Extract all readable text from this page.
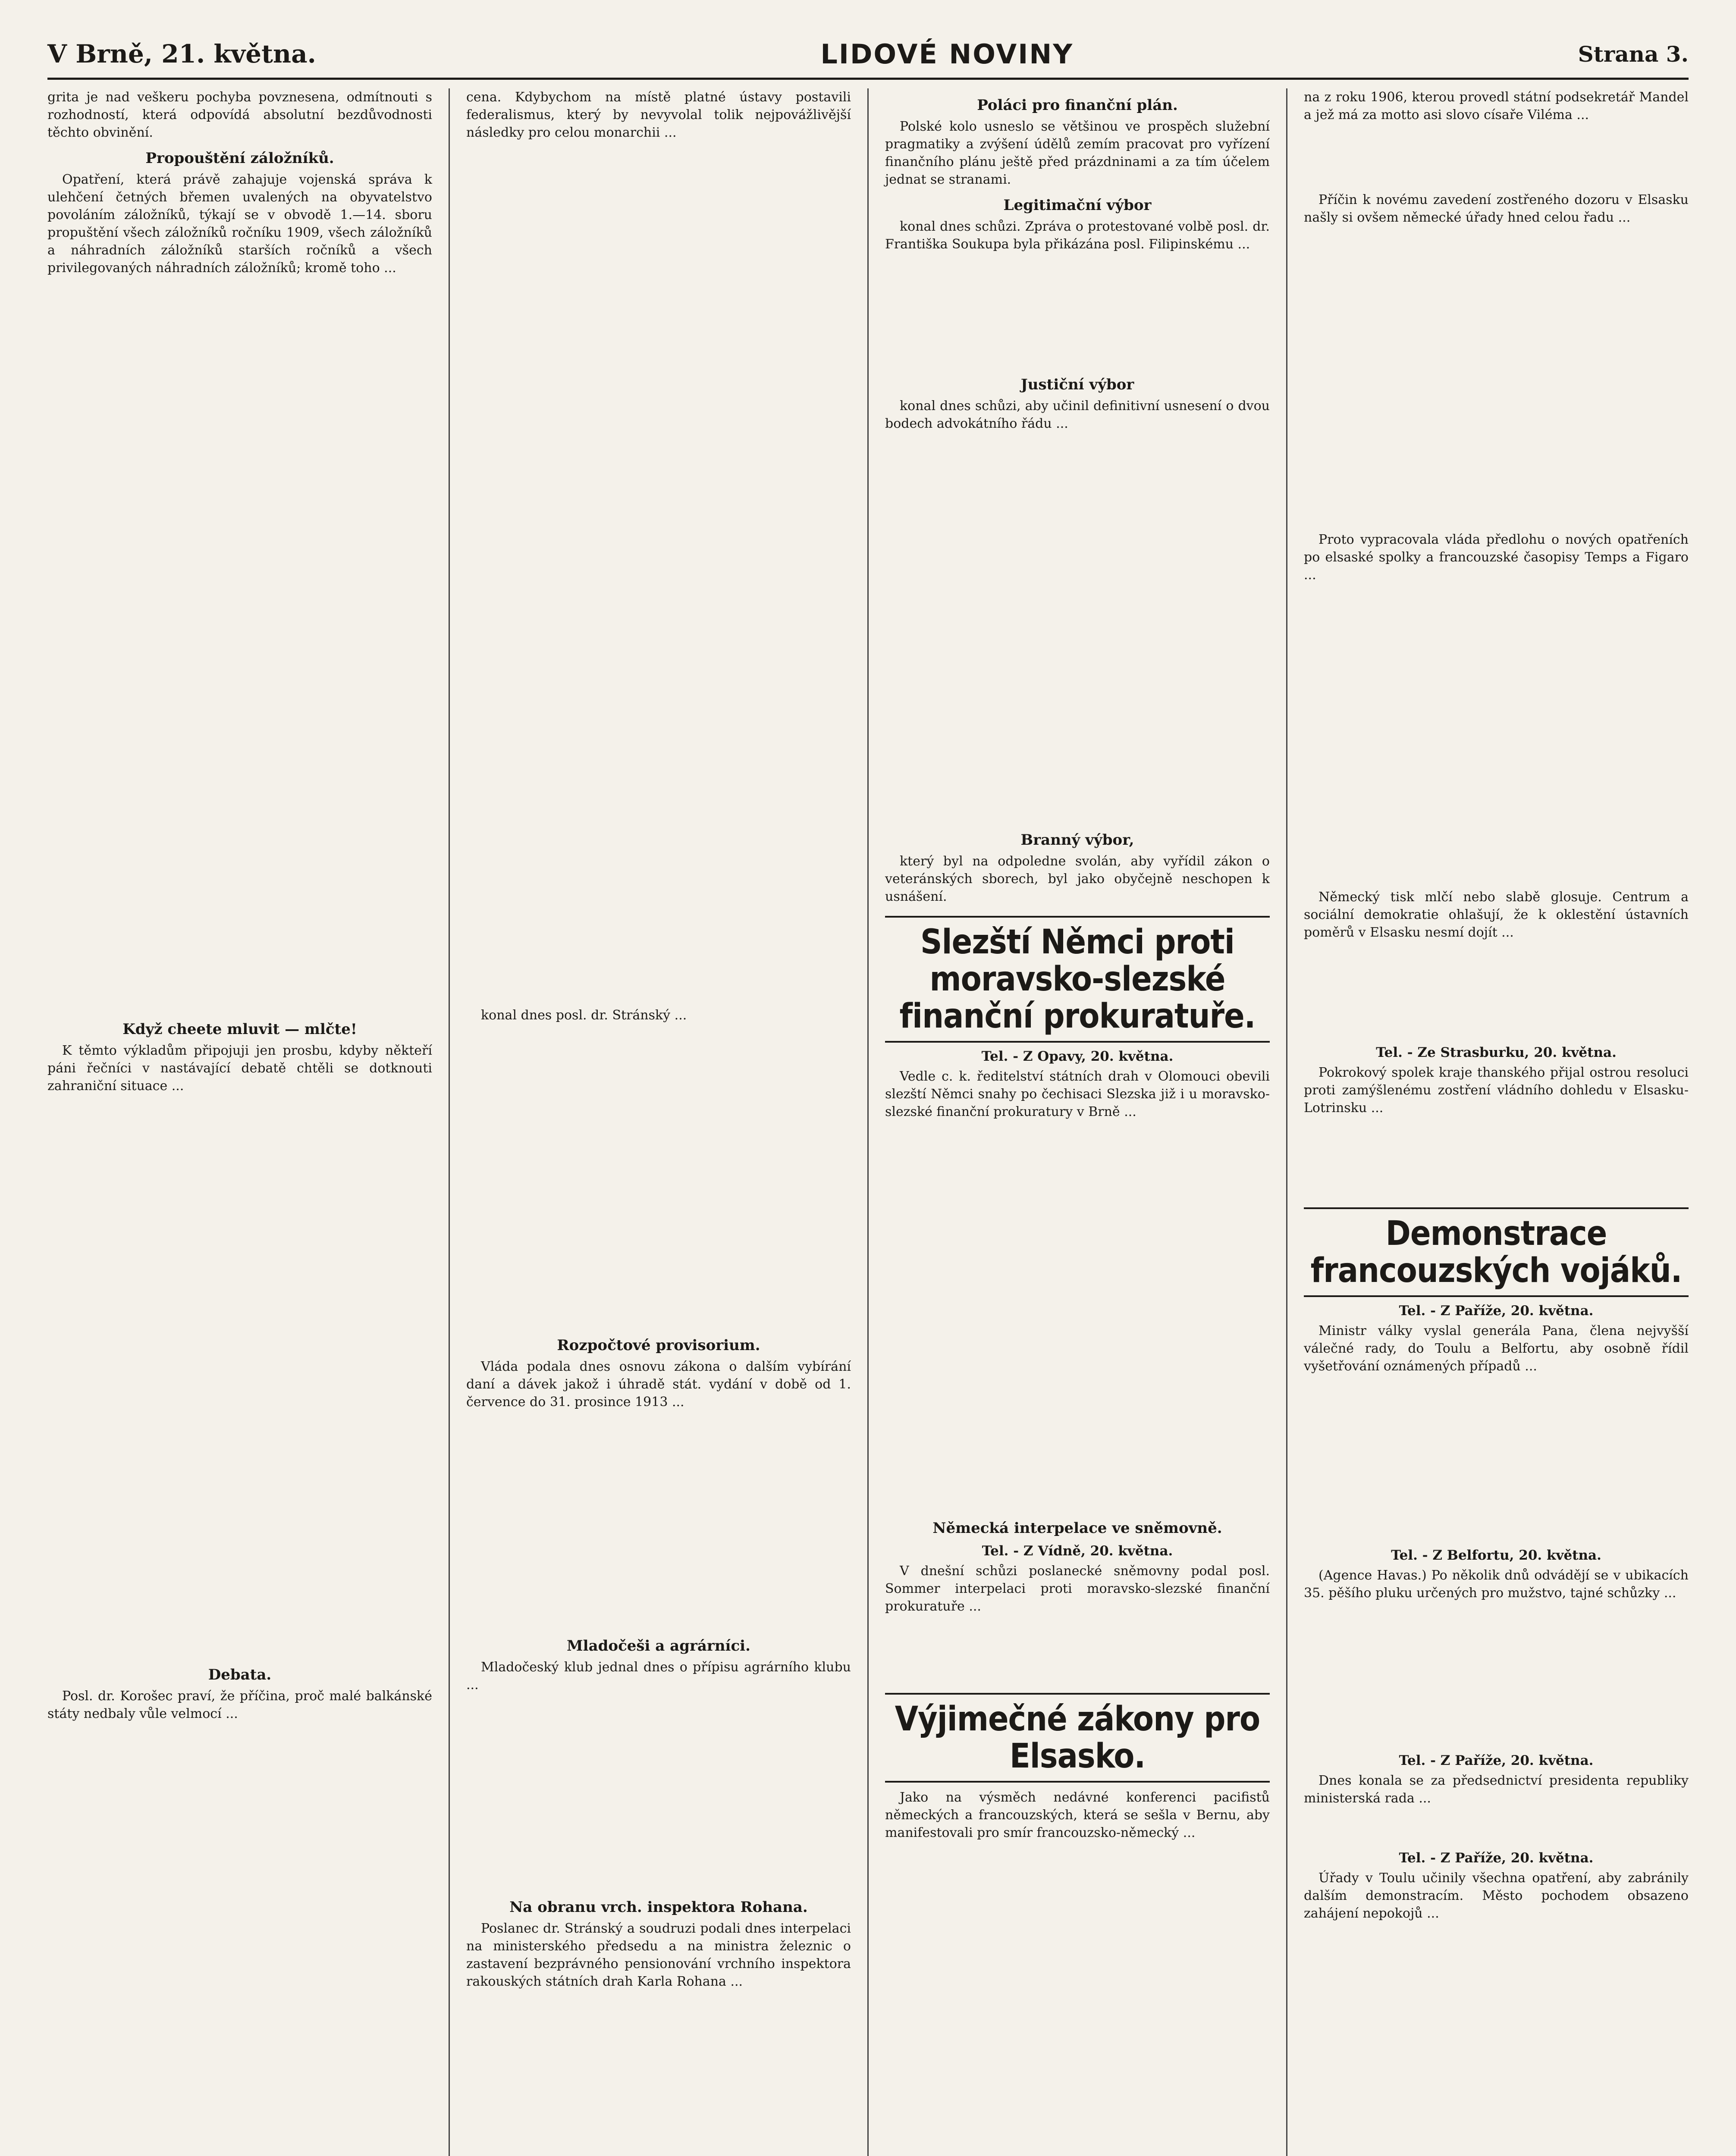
V Brně, 21. května.	LIDOVÉ NOVINY	Strana 3.

grita je nad veškeru pochyba povznesena, odmítnouti s rozhodností, která odpovídá absolutní bezdůvodnosti těchto obvinění.

Propouštění záložníků.

Opatření, která právě zahajuje vojenská správa k ulehčení četných břemen uvalených na obyvatelstvo povoláním záložníků, týkají se v obvodě 1.—14. sboru propuštění všech záložníků ročníku 1909, všech záložníků a náhradních záložníků starších ročníků a všech privilegovaných náhradních záložníků; kromě toho ...

Když cheete mluvit — mlčte!

K těmto výkladům připojuji jen prosbu, kdyby někteří páni řečníci v nastávající debatě chtěli se dotknouti zahraniční situace ...

Debata.

Posl. dr. Korošec praví, že příčina, proč malé balkánské státy nedbaly vůle velmocí ...

cena. Kdybychom na místě platné ústavy postavili federalismus, který by nevyvolal tolik nejpovážlivější následky pro celou monarchii ...

konal dnes posl. dr. Stránský ...

Rozpočtové provisorium.

Vláda podala dnes osnovu zákona o dalším vybírání daní a dávek jakož i úhradě stát. vydání v době od 1. července do 31. prosince 1913 ...

Mladočeši a agrárníci.

Mladočeský klub jednal dnes o přípisu agrárního klubu ...

Na obranu vrch. inspektora Rohana.

Poslanec dr. Stránský a soudruzi podali dnes interpelaci na ministerského předsedu a na ministra železnic o zastavení bezprávného pensionování vrchního inspektora rakouských státních drah Karla Rohana ...

Poláci pro finanční plán.

Polské kolo usneslo se většinou ve prospěch služební pragmatiky a zvýšení údělů zemím pracovat pro vyřízení finančního plánu ještě před prázdninami a za tím účelem jednat se stranami.

Legitimační výbor

konal dnes schůzi. Zpráva o protestované volbě posl. dr. Františka Soukupa byla přikázána posl. Filipinskému ...

Justiční výbor

konal dnes schůzi, aby učinil definitivní usnesení o dvou bodech advokátního řádu ...

Branný výbor,

který byl na odpoledne svolán, aby vyřídil zákon o veteránských sborech, byl jako obyčejně neschopen k usnášení.

Slezští Němci proti moravsko-slezské finanční prokuratuře.
Tel. - Z Opavy, 20. května.

Vedle c. k. ředitelství státních drah v Olomouci obevili slezští Němci snahy po čechisaci Slezska již i u moravsko-slezské finanční prokuratury v Brně ...

Německá interpelace ve sněmovně.
Tel. - Z Vídně, 20. května.

V dnešní schůzi poslanecké sněmovny podal posl. Sommer interpelaci proti moravsko-slezské finanční prokuratuře ...

Výjimečné zákony pro Elsasko.

Jako na výsměch nedávné konferenci pacifistů německých a francouzských, která se sešla v Bernu, aby manifestovali pro smír francouzsko-německý ...

na z roku 1906, kterou provedl státní podsekretář Mandel a jež má za motto asi slovo císaře Viléma ...

Příčin k novému zavedení zostřeného dozoru v Elsasku našly si ovšem německé úřady hned celou řadu ...

Proto vypracovala vláda předlohu o nových opatřeních po elsaské spolky a francouzské časopisy Temps a Figaro ...

Německý tisk mlčí nebo slabě glosuje. Centrum a sociální demokratie ohlašují, že k oklestění ústavních poměrů v Elsasku nesmí dojít ...

Tel. - Ze Strasburku, 20. května.

Pokrokový spolek kraje thanského přijal ostrou resoluci proti zamýšlenému zostření vládního dohledu v Elsasku-Lotrinsku ...

Demonstrace francouzských vojáků.
Tel. - Z Paříže, 20. května.

Ministr války vyslal generála Pana, člena nejvyšší válečné rady, do Toulu a Belfortu, aby osobně řídil vyšetřování oznámených případů ...

Tel. - Z Belfortu, 20. května.

(Agence Havas.) Po několik dnů odvádějí se v ubikacích 35. pěšího pluku určených pro mužstvo, tajné schůzky ...

Tel. - Z Paříže, 20. května.

Dnes konala se za předsednictví presidenta republiky ministerská rada ...

Tel. - Z Paříže, 20. května.

Úřady v Toulu učinily všechna opatření, aby zabránily dalším demonstracím. Město pochodem obsazeno zahájení nepokojů ...
